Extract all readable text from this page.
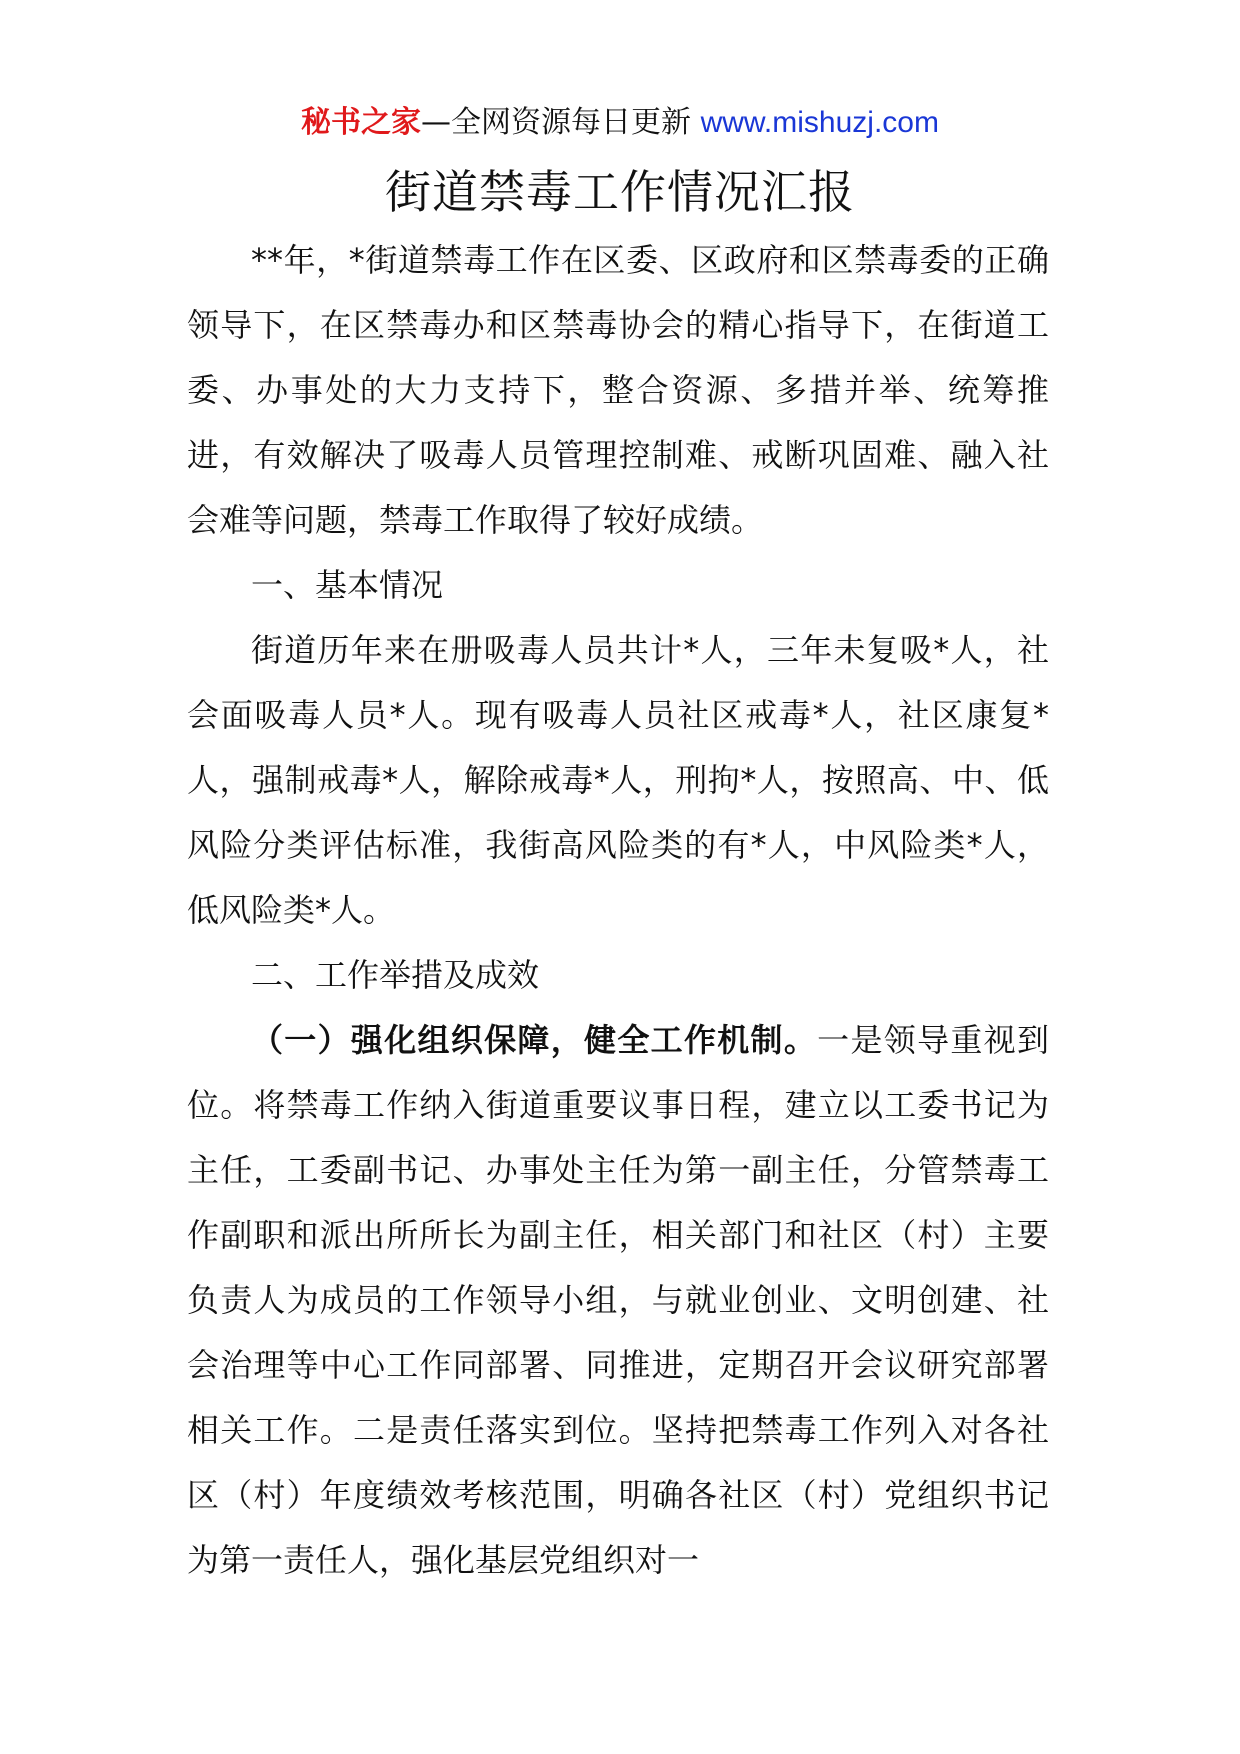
秘书之家—全网资源每日更新 www.mishuzj.com
街道禁毒工作情况汇报

**年，*街道禁毒工作在区委、区政府和区禁毒委的正确领导下，在区禁毒办和区禁毒协会的精心指导下，在街道工委、办事处的大力支持下，整合资源、多措并举、统筹推进，有效解决了吸毒人员管理控制难、戒断巩固难、融入社会难等问题，禁毒工作取得了较好成绩。

一、基本情况

街道历年来在册吸毒人员共计*人，三年未复吸*人，社会面吸毒人员*人。现有吸毒人员社区戒毒*人，社区康复*人，强制戒毒*人，解除戒毒*人，刑拘*人，按照高、中、低风险分类评估标准，我街高风险类的有*人，中风险类*人，低风险类*人。

二、工作举措及成效

（一）强化组织保障，健全工作机制。一是领导重视到位。将禁毒工作纳入街道重要议事日程，建立以工委书记为主任，工委副书记、办事处主任为第一副主任，分管禁毒工作副职和派出所所长为副主任，相关部门和社区（村）主要负责人为成员的工作领导小组，与就业创业、文明创建、社会治理等中心工作同部署、同推进，定期召开会议研究部署相关工作。二是责任落实到位。坚持把禁毒工作列入对各社区（村）年度绩效考核范围，明确各社区（村）党组织书记为第一责任人，强化基层党组织对一
